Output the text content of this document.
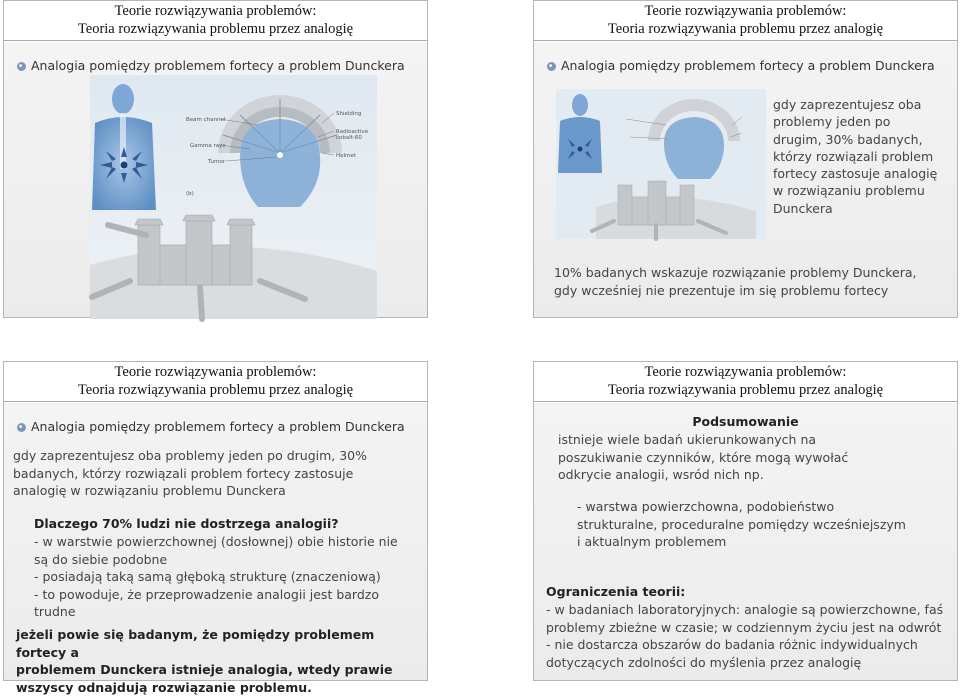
Teorie rozwiązywania problemów:
Teoria rozwiązywania problemu przez analogię
Analogia pomiędzy problemem fortecy a problem Dunckera
Beam channel
Gamma rays
Tumor
Shielding
Radioactive
cobalt-60
Helmet
(b)
Teorie rozwiązywania problemów:
Teoria rozwiązywania problemu przez analogię
Analogia pomiędzy problemem fortecy a problem Dunckera
gdy zaprezentujesz oba
problemy jeden po
drugim, 30% badanych,
którzy rozwiązali problem
fortecy zastosuje analogię
w rozwiązaniu problemu
Dunckera
10% badanych wskazuje rozwiązanie problemy Dunckera,
gdy wcześniej nie prezentuje im się problemu fortecy
Teorie rozwiązywania problemów:
Teoria rozwiązywania problemu przez analogię
Analogia pomiędzy problemem fortecy a problem Dunckera
gdy zaprezentujesz oba problemy jeden po drugim, 30%
badanych, którzy rozwiązali problem fortecy zastosuje
analogię w rozwiązaniu problemu Dunckera
Dlaczego 70% ludzi nie dostrzega analogii?
- w warstwie powierzchownej (dosłownej) obie historie nie
są do siebie podobne
- posiadają taką samą głęboką strukturę (znaczeniową)
- to powoduje, że przeprowadzenie analogii jest bardzo
trudne
jeżeli powie się badanym, że pomiędzy problemem fortecy a
problemem Dunckera istnieje analogia, wtedy prawie
wszyscy odnajdują rozwiązanie problemu.
Teorie rozwiązywania problemów:
Teoria rozwiązywania problemu przez analogię
Podsumowanie
istnieje wiele badań ukierunkowanych na
poszukiwanie czynników, które mogą wywołać
odkrycie analogii, wsród nich np.
- warstwa powierzchowna, podobieństwo
strukturalne, proceduralne pomiędzy wcześniejszym
i aktualnym problemem
Ograniczenia teorii:
- w badaniach laboratoryjnych: analogie są powierzchowne, faś
problemy zbieżne w czasie; w codziennym życiu jest na odwrót
- nie dostarcza obszarów do badania różnic indywidualnych
dotyczących zdolności do myślenia przez analogię
